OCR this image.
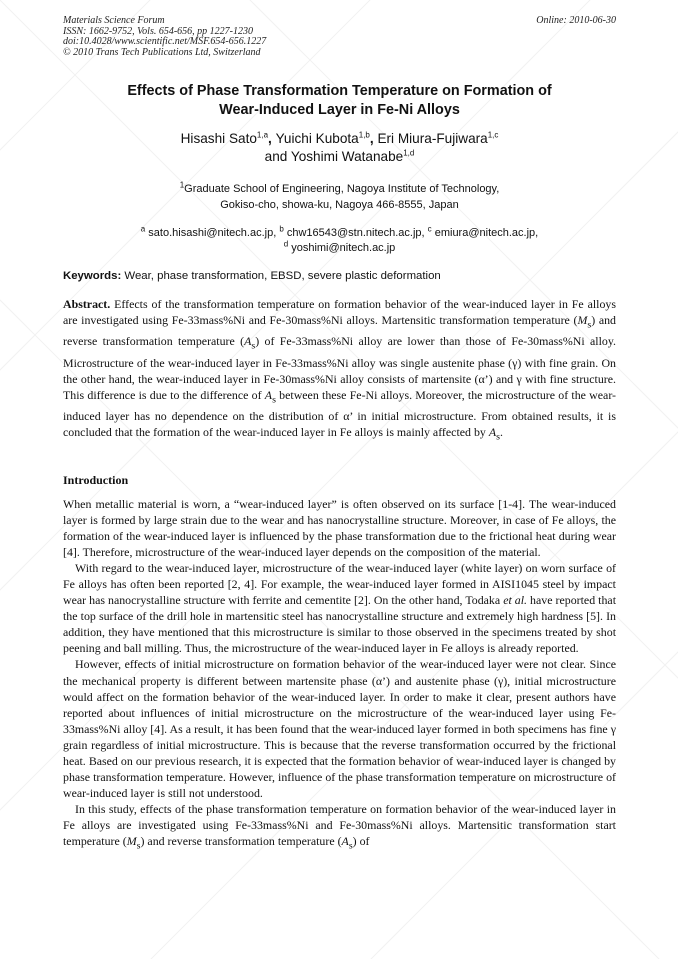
Materials Science Forum
ISSN: 1662-9752, Vols. 654-656, pp 1227-1230
doi:10.4028/www.scientific.net/MSF.654-656.1227
© 2010 Trans Tech Publications Ltd, Switzerland
Online: 2010-06-30
Effects of Phase Transformation Temperature on Formation of
Wear-Induced Layer in Fe-Ni Alloys
Hisashi Sato$^{1,a}$, Yuichi Kubota$^{1,b}$, Eri Miura-Fujiwara$^{1,c}$
and Yoshimi Watanabe$^{1,d}$
$^1$Graduate School of Engineering, Nagoya Institute of Technology,
Gokiso-cho, showa-ku, Nagoya 466-8555, Japan
$^a$ sato.hisashi@nitech.ac.jp, $^b$ chw16543@stn.nitech.ac.jp, $^c$ emiura@nitech.ac.jp,
$^d$ yoshimi@nitech.ac.jp
Keywords: Wear, phase transformation, EBSD, severe plastic deformation
Abstract. Effects of the transformation temperature on formation behavior of the wear-induced layer in Fe alloys are investigated using Fe-33mass%Ni and Fe-30mass%Ni alloys. Martensitic transformation temperature $(M_s)$ and reverse transformation temperature $(A_s)$ of Fe-33mass%Ni alloy are lower than those of Fe-30mass%Ni alloy. Microstructure of the wear-induced layer in Fe-33mass%Ni alloy was single austenite phase (γ) with fine grain. On the other hand, the wear-induced layer in Fe-30mass%Ni alloy consists of martensite (α’) and γ with fine structure. This difference is due to the difference of $A_s$ between these Fe-Ni alloys. Moreover, the microstructure of the wear-induced layer has no dependence on the distribution of α’ in initial microstructure. From obtained results, it is concluded that the formation of the wear-induced layer in Fe alloys is mainly affected by $A_s$.
Introduction

When metallic material is worn, a “wear-induced layer” is often observed on its surface [1-4]. The wear-induced layer is formed by large strain due to the wear and has nanocrystalline structure. Moreover, in case of Fe alloys, the formation of the wear-induced layer is influenced by the phase transformation due to the frictional heat during wear [4]. Therefore, microstructure of the wear-induced layer depends on the composition of the material.

With regard to the wear-induced layer, microstructure of the wear-induced layer (white layer) on worn surface of Fe alloys has often been reported [2, 4]. For example, the wear-induced layer formed in AISI1045 steel by impact wear has nanocrystalline structure with ferrite and cementite [2]. On the other hand, Todaka et al. have reported that the top surface of the drill hole in martensitic steel has nanocrystalline structure and extremely high hardness [5]. In addition, they have mentioned that this microstructure is similar to those observed in the specimens treated by shot peening and ball milling. Thus, the microstructure of the wear-induced layer in Fe alloys is already reported.

However, effects of initial microstructure on formation behavior of the wear-induced layer were not clear. Since the mechanical property is different between martensite phase (α’) and austenite phase (γ), initial microstructure would affect on the formation behavior of the wear-induced layer. In order to make it clear, present authors have reported about influences of initial microstructure on the microstructure of the wear-induced layer using Fe-33mass%Ni alloy [4]. As a result, it has been found that the wear-induced layer formed in both specimens has fine γ grain regardless of initial microstructure. This is because that the reverse transformation occurred by the frictional heat. Based on our previous research, it is expected that the formation behavior of wear-induced layer is changed by phase transformation temperature. However, influence of the phase transformation temperature on microstructure of wear-induced layer is still not understood.

In this study, effects of the phase transformation temperature on formation behavior of the wear-induced layer in Fe alloys are investigated using Fe-33mass%Ni and Fe-30mass%Ni alloys. Martensitic transformation start temperature $(M_s)$ and reverse transformation temperature $(A_s)$ of
